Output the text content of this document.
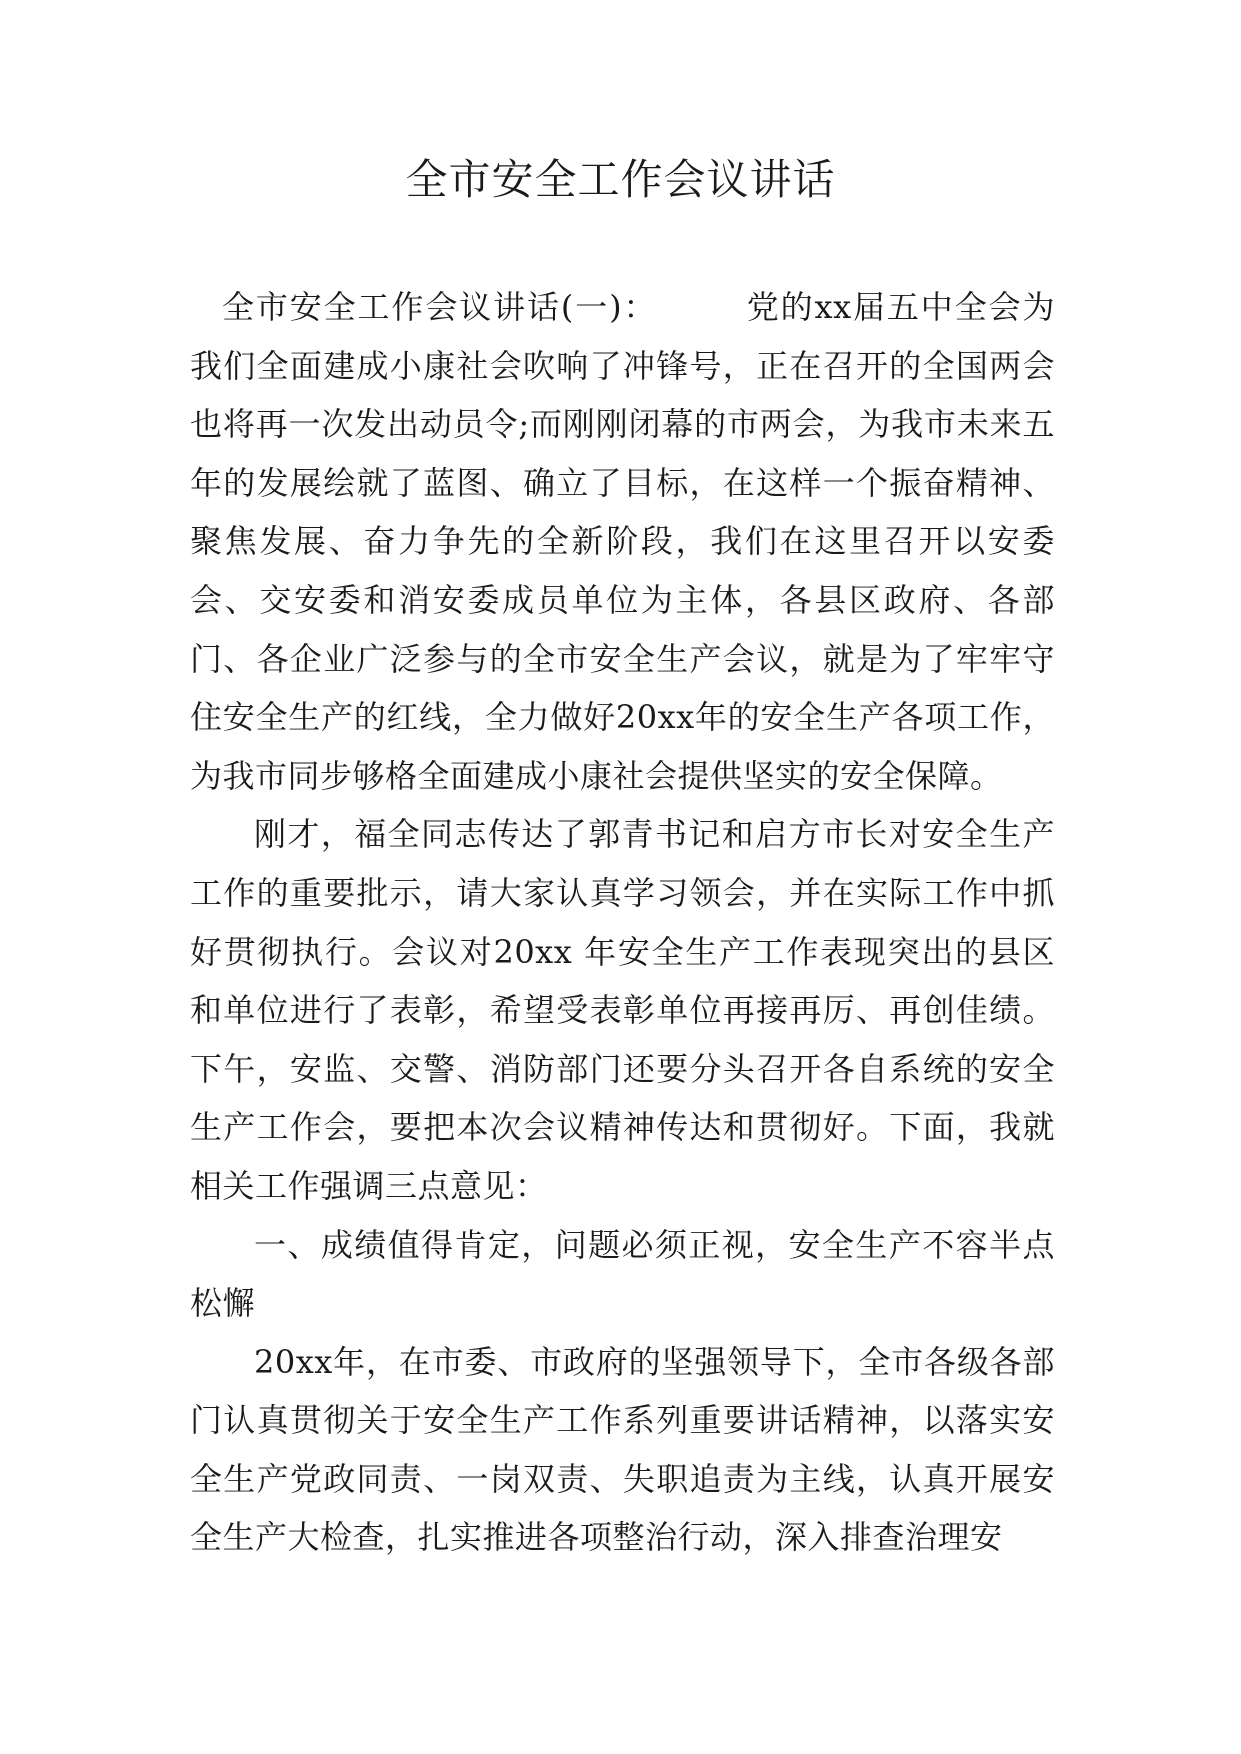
全市安全工作会议讲话

全市安全工作会议讲话(一)：	党的xx届五中全会为我们全面建成小康社会吹响了冲锋号，正在召开的全国两会也将再一次发出动员令;而刚刚闭幕的市两会，为我市未来五年的发展绘就了蓝图、确立了目标，在这样一个振奋精神、聚焦发展、奋力争先的全新阶段，我们在这里召开以安委会、交安委和消安委成员单位为主体，各县区政府、各部门、各企业广泛参与的全市安全生产会议，就是为了牢牢守住安全生产的红线，全力做好20xx年的安全生产各项工作，为我市同步够格全面建成小康社会提供坚实的安全保障。

刚才，福全同志传达了郭青书记和启方市长对安全生产工作的重要批示，请大家认真学习领会，并在实际工作中抓好贯彻执行。会议对20xx 年安全生产工作表现突出的县区和单位进行了表彰，希望受表彰单位再接再厉、再创佳绩。下午，安监、交警、消防部门还要分头召开各自系统的安全生产工作会，要把本次会议精神传达和贯彻好。下面，我就相关工作强调三点意见：

一、成绩值得肯定，问题必须正视，安全生产不容半点松懈

20xx年，在市委、市政府的坚强领导下，全市各级各部门认真贯彻关于安全生产工作系列重要讲话精神，以落实安全生产党政同责、一岗双责、失职追责为主线，认真开展安全生产大检查，扎实推进各项整治行动，深入排查治理安
